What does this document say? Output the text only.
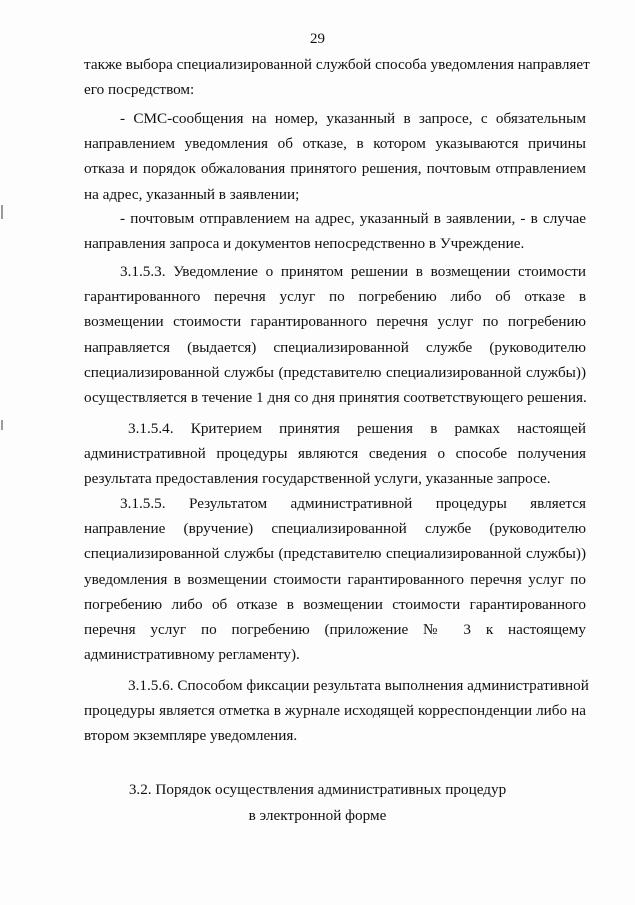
29

также выбора специализированной службой способа уведомления направляет
его посредством:

- СМС-сообщения на номер, указанный в запросе, с обязательным
направлением уведомления об отказе, в котором указываются причины
отказа и порядок обжалования принятого решения, почтовым отправлением
на адрес, указанный в заявлении;

- почтовым отправлением на адрес, указанный в заявлении, - в случае
направления запроса и документов непосредственно в Учреждение.

3.1.5.3. Уведомление о принятом решении в возмещении стоимости
гарантированного перечня услуг по погребению либо об отказе в
возмещении стоимости гарантированного перечня услуг по погребению
направляется (выдается) специализированной службе (руководителю
специализированной службы (представителю специализированной службы))
осуществляется в течение 1 дня со дня принятия соответствующего решения.

3.1.5.4. Критерием принятия решения в рамках настоящей
административной процедуры являются сведения о способе получения
результата предоставления государственной услуги, указанные запросе.

3.1.5.5. Результатом административной процедуры является
направление (вручение) специализированной службе (руководителю
специализированной службы (представителю специализированной службы))
уведомления в возмещении стоимости гарантированного перечня услуг по
погребению либо об отказе в возмещении стоимости гарантированного
перечня услуг по погребению (приложение № 3 к настоящему
административному регламенту).

3.1.5.6. Способом фиксации результата выполнения административной
процедуры является отметка в журнале исходящей корреспонденции либо на
втором экземпляре уведомления.

3.2. Порядок осуществления административных процедур
в электронной форме
